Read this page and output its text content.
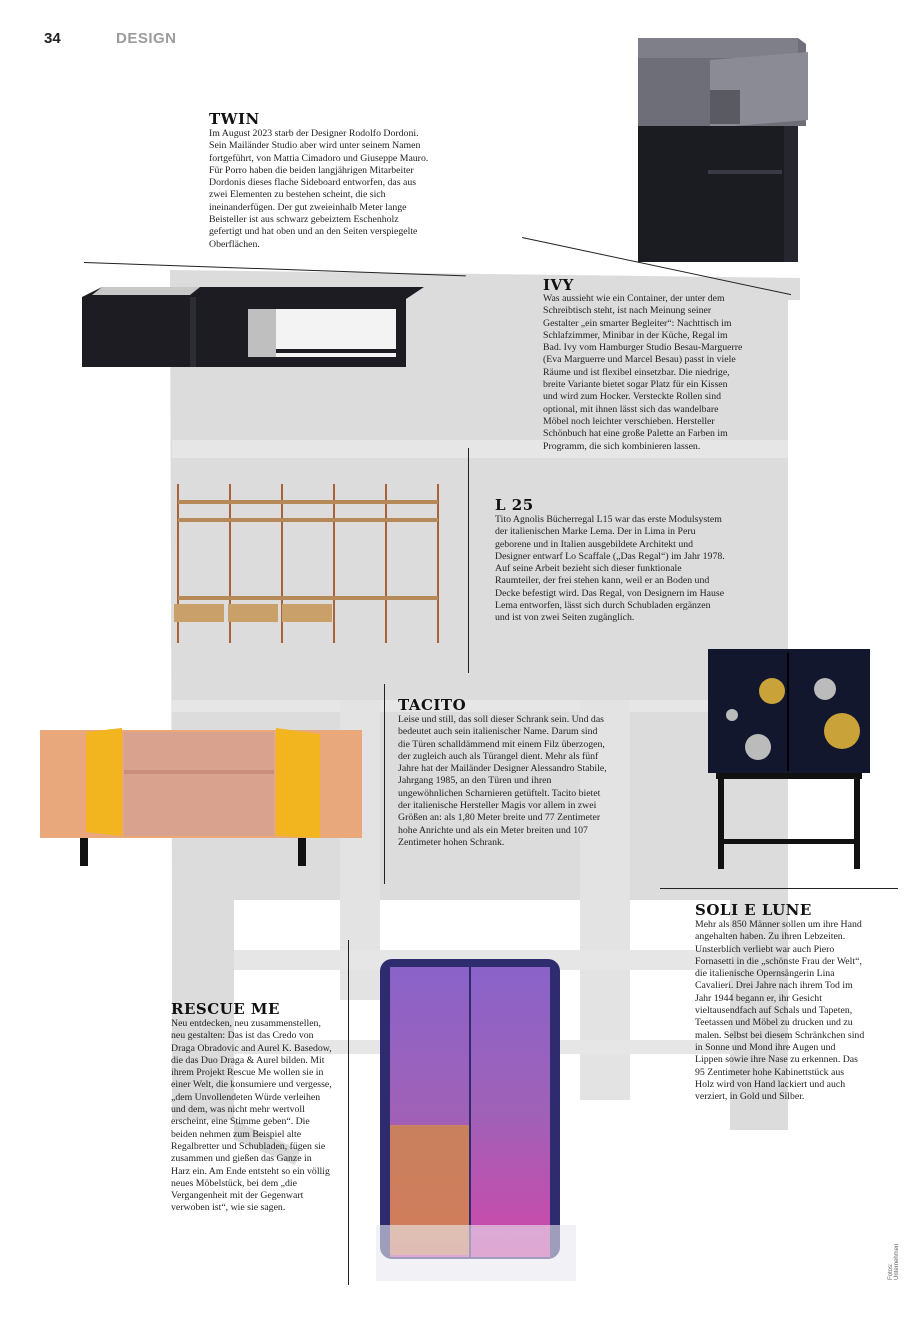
34	DESIGN
TWIN
Im August 2023 starb der Designer Rodolfo Dordoni. Sein Mailänder Studio aber wird unter seinem Namen fortgeführt, von Mattia Cimadoro und Giuseppe Mauro. Für Porro haben die beiden langjährigen Mitarbeiter Dordonis dieses flache Sideboard entworfen, das aus zwei Elementen zu bestehen scheint, die sich ineinanderfügen. Der gut zweieinhalb Meter lange Beisteller ist aus schwarz gebeiztem Eschenholz gefertigt und hat oben und an den Seiten verspiegelte Oberflächen.
IVY
Was aussieht wie ein Container, der unter dem Schreibtisch steht, ist nach Meinung seiner Gestalter „ein smarter Begleiter“: Nachttisch im Schlafzimmer, Minibar in der Küche, Regal im Bad. Ivy vom Hamburger Studio Besau-Marguerre (Eva Marguerre und Marcel Besau) passt in viele Räume und ist flexibel einsetzbar. Die niedrige, breite Variante bietet sogar Platz für ein Kissen und wird zum Hocker. Versteckte Rollen sind optional, mit ihnen lässt sich das wandelbare Möbel noch leichter verschieben. Hersteller Schönbuch hat eine große Palette an Farben im Programm, die sich kombinieren lassen.
L 25
Tito Agnolis Bücherregal L15 war das erste Modulsystem der italienischen Marke Lema. Der in Lima in Peru geborene und in Italien ausgebildete Architekt und Designer entwarf Lo Scaffale („Das Regal“) im Jahr 1978. Auf seine Arbeit bezieht sich dieser funktionale Raumteiler, der frei stehen kann, weil er an Boden und Decke befestigt wird. Das Regal, von Designern im Hause Lema entworfen, lässt sich durch Schubladen ergänzen und ist von zwei Seiten zugänglich.
TACITO
Leise und still, das soll dieser Schrank sein. Und das bedeutet auch sein italienischer Name. Darum sind die Türen schalldämmend mit einem Filz überzogen, der zugleich auch als Türangel dient. Mehr als fünf Jahre hat der Mailänder Designer Alessandro Stabile, Jahrgang 1985, an den Türen und ihren ungewöhnlichen Scharnieren getüftelt. Tacito bietet der italienische Hersteller Magis vor allem in zwei Größen an: als 1,80 Meter breite und 77 Zentimeter hohe Anrichte und als ein Meter breiten und 107 Zentimeter hohen Schrank.
SOLI E LUNE
Mehr als 850 Männer sollen um ihre Hand angehalten haben. Zu ihren Lebzeiten. Unsterblich verliebt war auch Piero Fornasetti in die „schönste Frau der Welt“, die italienische Opernsängerin Lina Cavalieri. Drei Jahre nach ihrem Tod im Jahr 1944 begann er, ihr Gesicht vieltausendfach auf Schals und Tapeten, Teetassen und Möbel zu drucken und zu malen. Selbst bei diesem Schränkchen sind in Sonne und Mond ihre Augen und Lippen sowie ihre Nase zu erkennen. Das 95 Zentimeter hohe Kabinettstück aus Holz wird von Hand lackiert und auch verziert, in Gold und Silber.
RESCUE ME
Neu entdecken, neu zusammenstellen, neu gestalten: Das ist das Credo von Draga Obradovic and Aurel K. Basedow, die das Duo Draga & Aurel bilden. Mit ihrem Projekt Rescue Me wollen sie in einer Welt, die konsumiere und vergesse, „dem Unvollendeten Würde verleihen und dem, was nicht mehr wertvoll erscheint, eine Stimme geben“. Die beiden nehmen zum Beispiel alte Regalbretter und Schubladen, fügen sie zusammen und gießen das Ganze in Harz ein. Am Ende entsteht so ein völlig neues Möbelstück, bei dem „die Vergangenheit mit der Gegenwart verwoben ist“, wie sie sagen.
Fotos: Unternehmen
